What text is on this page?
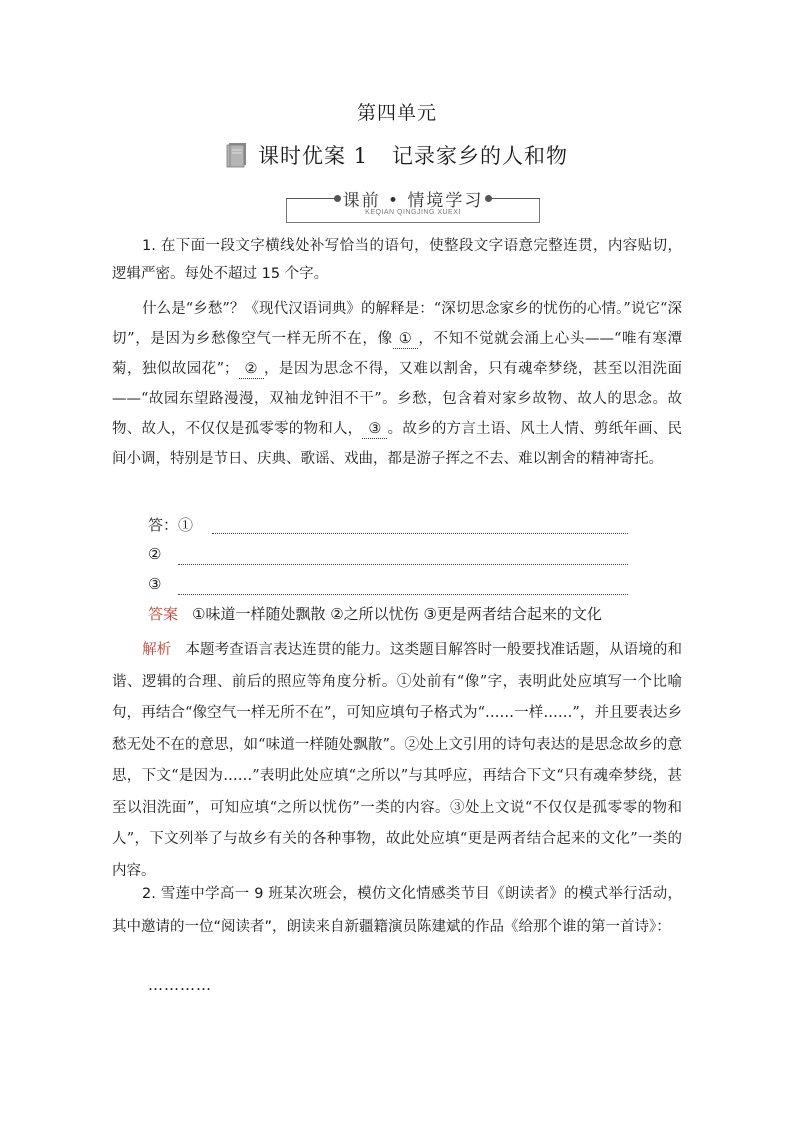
第四单元
课时优案 1 记录家乡的人和物
课前 • 情境学习
KEQIAN QINGJING XUEXI
1. 在下面一段文字横线处补写恰当的语句，使整段文字语意完整连贯，内容贴切，逻辑严密。每处不超过 15 个字。
什么是“乡愁”？《现代汉语词典》的解释是：“深切思念家乡的忧伤的心情。”说它“深切”，是因为乡愁像空气一样无所不在，像 ① ，不知不觉就会涌上心头——“唯有寒潭菊，独似故园花”； ② ，是因为思念不得，又难以割舍，只有魂牵梦绕，甚至以泪洗面——“故园东望路漫漫，双袖龙钟泪不干”。乡愁，包含着对家乡故物、故人的思念。故物、故人，不仅仅是孤零零的物和人， ③ 。故乡的方言土语、风土人情、剪纸年画、民间小调，特别是节日、庆典、歌谣、戏曲，都是游子挥之不去、难以割舍的精神寄托。
答：①
②
③
答案 ①味道一样随处飘散 ②之所以忧伤 ③更是两者结合起来的文化
解析 本题考查语言表达连贯的能力。这类题目解答时一般要找准话题，从语境的和谐、逻辑的合理、前后的照应等角度分析。①处前有“像”字，表明此处应填写一个比喻句，再结合“像空气一样无所不在”，可知应填句子格式为“……一样……”，并且要表达乡愁无处不在的意思，如“味道一样随处飘散”。②处上文引用的诗句表达的是思念故乡的意思，下文“是因为……”表明此处应填“之所以”与其呼应，再结合下文“只有魂牵梦绕，甚至以泪洗面”，可知应填“之所以忧伤”一类的内容。③处上文说“不仅仅是孤零零的物和人”，下文列举了与故乡有关的各种事物，故此处应填“更是两者结合起来的文化”一类的内容。
2. 雪莲中学高一 9 班某次班会，模仿文化情感类节目《朗读者》的模式举行活动，其中邀请的一位“阅读者”，朗读来自新疆籍演员陈建斌的作品《给那个谁的第一首诗》：
…………
